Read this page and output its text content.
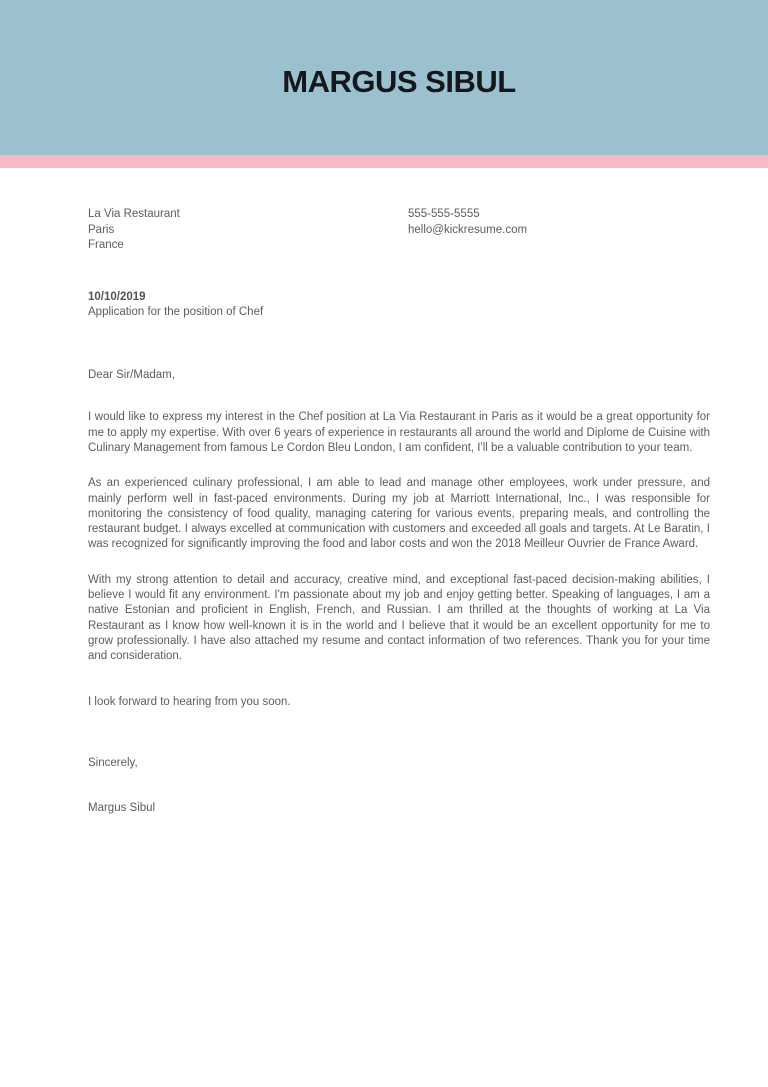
MARGUS SIBUL
La Via Restaurant
Paris
France
555-555-5555
hello@kickresume.com
10/10/2019
Application for the position of Chef

Dear Sir/Madam,

I would like to express my interest in the Chef position at La Via Restaurant in Paris as it would be a great opportunity for me to apply my expertise. With over 6 years of experience in restaurants all around the world and Diplome de Cuisine with Culinary Management from famous Le Cordon Bleu London, I am confident, I'll be a valuable contribution to your team.

As an experienced culinary professional, I am able to lead and manage other employees, work under pressure, and mainly perform well in fast-paced environments. During my job at Marriott International, Inc., I was responsible for monitoring the consistency of food quality, managing catering for various events, preparing meals, and controlling the restaurant budget. I always excelled at communication with customers and exceeded all goals and targets. At Le Baratin, I was recognized for significantly improving the food and labor costs and won the 2018 Meilleur Ouvrier de France Award.

With my strong attention to detail and accuracy, creative mind, and exceptional fast-paced decision-making abilities, I believe I would fit any environment. I'm passionate about my job and enjoy getting better. Speaking of languages, I am a native Estonian and proficient in English, French, and Russian. I am thrilled at the thoughts of working at La Via Restaurant as I know how well-known it is in the world and I believe that it would be an excellent opportunity for me to grow professionally. I have also attached my resume and contact information of two references. Thank you for your time and consideration.

I look forward to hearing from you soon.

Sincerely,

Margus Sibul
